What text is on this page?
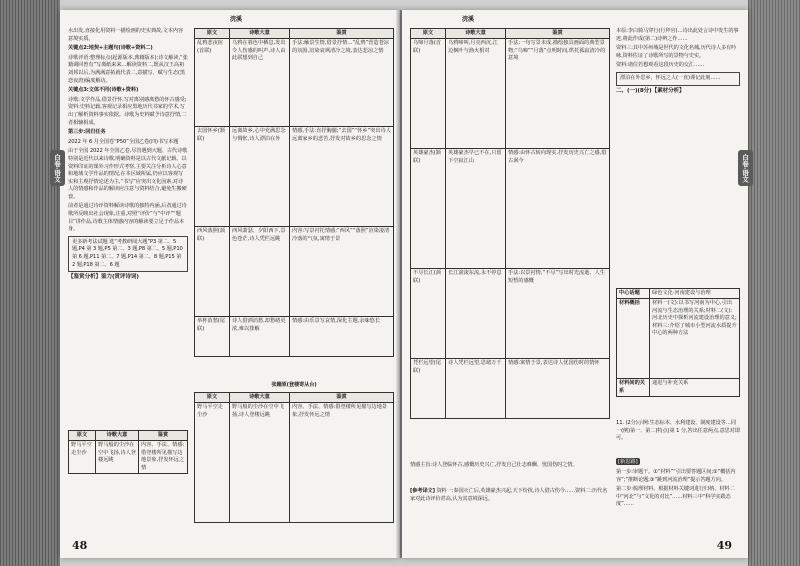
浣溪

水出发,直接化用资料一描绘画的史实典故,文本内容意境实质。

关键点2:地契+主题句(诗歌+资料二)

诗歌评语:整理标点(起源版本,典籍版本);诗文解读,“张籍调回曾有”写离纸来来…解读资料二,既从汉王高祖刘邦以后,为满满意拓就代表二,意描写、赋与生态(黑恋夜唐)编度解访。

关键点3:文体不同(诗歌+资料)

诗歌:文学作品,借景抒怀,写对离别感离愁的怀古感受;资料:史料记载,客观记录相应黑地历代书家的学术,写出了解析资料事实依据。诗歌为史料赋予诗意抒情,二者相辅相成。

第三步:回归任务

2022 年 6 月全国卷“P50”全国乙卷(四)书写本题

由于全国 2022 年全国乙卷,尽管遇到大题、古代诗歌特别是近代以来诗歌,明确资料是以古代文献记载、以资料印证的课外习作形式考察,主要关注分析诗人心意和地域文学作品的情况,在本区域所属,仍应以客观写实和主观抒情论述为主,“书写”应突出文化因素,对诗人的情感和作品的解读应注意与资料结合,避免生搬硬套。

前者是通过诗评资料解读诗歌的独特内涵,后者通过诗歌所反映出社会现象,注重,对照“评价”与“中评”“题目”讲作品,诗歌主体情感内容的解读要立足于作品本身。

更多新考法试题 选“考教研阅大题”P3 第二、5 题,P4 第 3 题,P5 第二、3 题,P8 第二、5 题,P10 第 6 题,P11 第二、7 题,P14 第二、8 题,P15 第 2 题,P18 第二、6 题

【鉴赏分析】鉴力(赏评诗词)

原文	诗歌大意	鉴赏
野马平空走尘沙	野马般的尘沙在空中飞扬,诗人登楼远眺	内容、手法、情感:借登楼所见描写边地景象,抒发怀远之情
原文	诗歌大意	鉴赏
乱鸦悲夜宿(首联)	乌鸦在暮色中栖息,发出令人伤感的叫声,诗人由此联想到自己	手法:触景生情,借景抒情…“乱鸦”营造苍凉的氛围,渲染衰飒清冷之境,表达悲凉之情
去国怀乡(颔联)	远离故乡,心中充满思念与惆怅,诗人漂泊在外	情感,手法:直抒胸臆;“去国”“怀乡”突出诗人远离家乡的悲苦,抒发对故乡的思念之情
西风落照(颈联)	西风萧瑟、夕阳西下,景色苍茫,诗人凭栏远眺	内容:写景衬托情感;“西风”“落照”渲染凄清冷落的气氛,寓情于景
举杯消愁(尾联)	诗人借酒消愁,却愁绪更浓,难以排解	情感:由乐景写哀情,深化主题,余味悠长
张籍原(登楼寄从台)
原文	诗歌大意	鉴赏
野马平空走尘沙	野马般的尘沙在空中飞扬,诗人登楼远眺	内容、手法、情感:借登楼所见描写边地景象,抒发怀远之情
48
浣溪
原文	诗歌大意	鉴赏
乌啼月落(首联)	乌鸦啼叫,月亮西沉,江边枫叶与渔火相对	手法:一句写景未成,描绘独具画面的典型景物;“乌啼”“月落”点明时间,烘托孤寂清冷的意境
英雄豪杰(颔联)	英雄豪杰早已不在,只留下空寂江山	情感:由怀古转向现实,抒发历史兴亡之感,借古讽今
不尽长江(颈联)	长江滚滚东流,永不停息	手法:以景衬情,“不尽”写出时光流逝、人生短暂的感慨
凭栏远望(尾联)	诗人凭栏远望,思绪万千	情感:寓情于景,表达诗人忧国伤时的情怀
情感主旨:诗人登临怀古,感慨历史兴亡,抒发自己壮志难酬、忧国伤时之情。
[参考译文] 资料一:秦国灭亡后,英雄豪杰兴起,天下纷扰,诗人借古伤今……资料二:历代名家对此诗评价甚高,认为其意境深远。

本原:李白骑马穿行(行拜官)…诗出此处言诗中发生的事迹,将此作成(第二)诗辨之作……

资料三:其中苏州城是世代的文化名城,历代诗人多有吟咏,资料佐证了诗歌所写的景物与史实。

资料:诸位若想观看这段历史的交汇……

漂泊在外思乡、怀远之人(一直)谨记此刻……

二、(一)(8分)【素材分析】

中心话题	绿色文化·河南建设与治理
材料概括	材料一(文):以书写河南为中心,引出河流与生态治理的关系;材料二(文):河北历史中探析河流建设治理的意义;材料三:介绍了城市小型河流水质提升中心的两种方法
材料间的关系	递进与补充关系
11. (2分)示例:生态标本、水利建设、制度建设等…同一(例)第一、第二(特点)第 1 分,答出任意两点,意思对即可。
[新思路]

第一步:审题干。①“材料”“引出要答题区间;②“概括内容”;“推断论题;③“跳到河流治理”提示答题方向。

第二步:梳理材料。根据材料关键词进行归纳、材料二中“河北”与“文化的对比”……材料三中“科学实践态度”……

49
白卷·语文
白卷·语文
